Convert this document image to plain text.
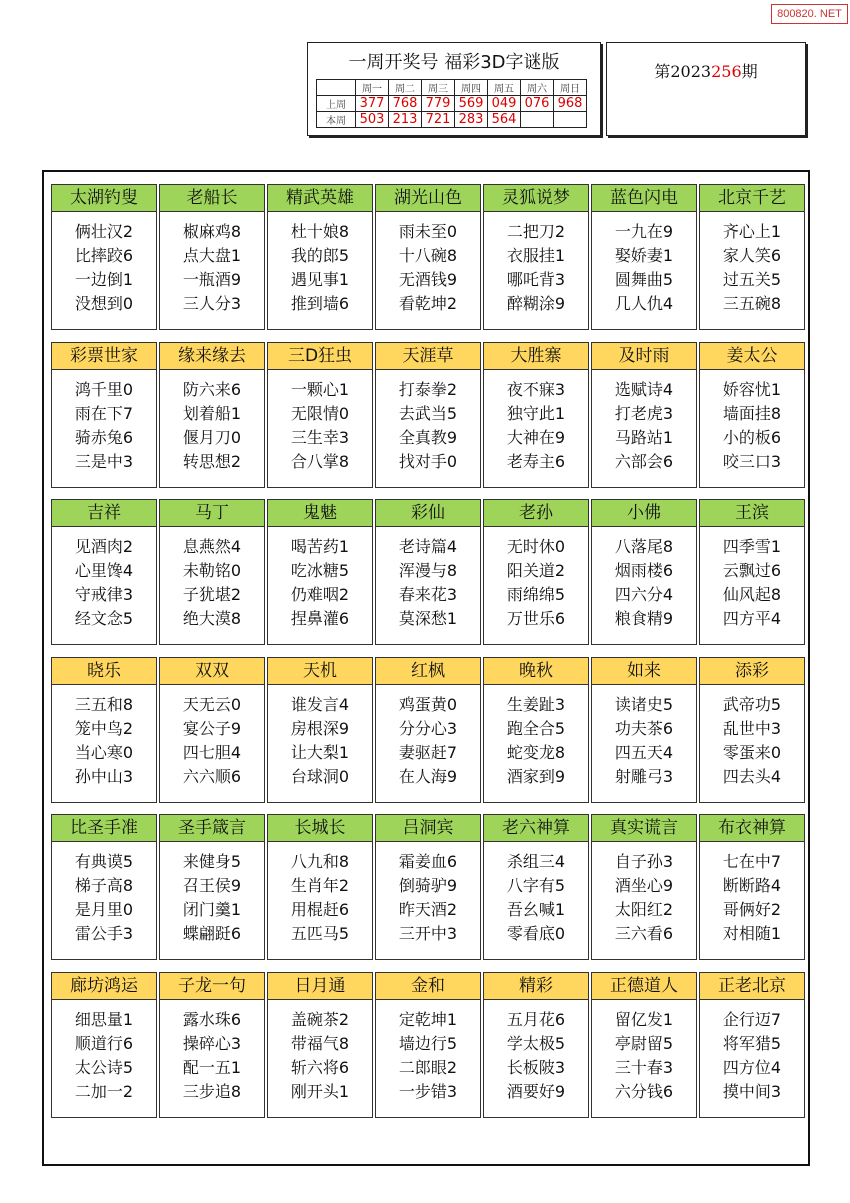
800820. NET
一周开奖号 福彩3D字谜版
	周一	周二	周三	周四	周五	周六	周日
上周	377	768	779	569	049	076	968
本周	503	213	721	283	564		
第2023256期
太湖钓叟
俩壮汉2
比摔跤6
一边倒1
没想到0
老船长
椒麻鸡8
点大盘1
一瓶酒9
三人分3
精武英雄
杜十娘8
我的郎5
遇见事1
推到墙6
湖光山色
雨未至0
十八碗8
无酒钱9
看乾坤2
灵狐说梦
二把刀2
衣服挂1
哪吒背3
醉糊涂9
蓝色闪电
一九在9
娶娇妻1
圆舞曲5
几人仇4
北京千艺
齐心上1
家人笑6
过五关5
三五碗8
彩票世家
鸿千里0
雨在下7
骑赤兔6
三是中3
缘来缘去
防六来6
划着船1
偃月刀0
转思想2
三D狂虫
一颗心1
无限情0
三生幸3
合八掌8
天涯草
打泰拳2
去武当5
全真教9
找对手0
大胜寨
夜不寐3
独守此1
大神在9
老寿主6
及时雨
选赋诗4
打老虎3
马路站1
六部会6
姜太公
娇容忧1
墙面挂8
小的板6
咬三口3
吉祥
见酒肉2
心里馋4
守戒律3
经文念5
马丁
息燕然4
未勒铭0
子犹堪2
绝大漠8
鬼魅
喝苦药1
吃冰糖5
仍难咽2
捏鼻灌6
彩仙
老诗篇4
浑漫与8
春来花3
莫深愁1
老孙
无时休0
阳关道2
雨绵绵5
万世乐6
小佛
八落尾8
烟雨楼6
四六分4
粮食精9
王滨
四季雪1
云飘过6
仙风起8
四方平4
晓乐
三五和8
笼中鸟2
当心寒0
孙中山3
双双
天无云0
宴公子9
四七胆4
六六顺6
天机
谁发言4
房根深9
让大梨1
台球洞0
红枫
鸡蛋黄0
分分心3
妻驱赶7
在人海9
晚秋
生姜趾3
跑全合5
蛇变龙8
酒家到9
如来
读诸史5
功夫茶6
四五天4
射雕弓3
添彩
武帝功5
乱世中3
零蛋来0
四去头4
比圣手准
有典谟5
梯子高8
是月里0
雷公手3
圣手箴言
来健身5
召王侯9
闭门羹1
蝶翩跹6
长城长
八九和8
生肖年2
用棍赶6
五匹马5
吕洞宾
霜姜血6
倒骑驴9
昨天酒2
三开中3
老六神算
杀组三4
八字有5
吾幺喊1
零看底0
真实谎言
自子孙3
酒坐心9
太阳红2
三六看6
布衣神算
七在中7
断断路4
哥俩好2
对相随1
廊坊鸿运
细思量1
顺道行6
太公诗5
二加一2
子龙一句
露水珠6
操碎心3
配一五1
三步追8
日月通
盖碗茶2
带福气8
斩六将6
刚开头1
金和
定乾坤1
墙边行5
二郎眼2
一步错3
精彩
五月花6
学太极5
长板陂3
酒要好9
正德道人
留亿发1
亭尉留5
三十春3
六分钱6
正老北京
企行迈7
将军猎5
四方位4
摸中间3
